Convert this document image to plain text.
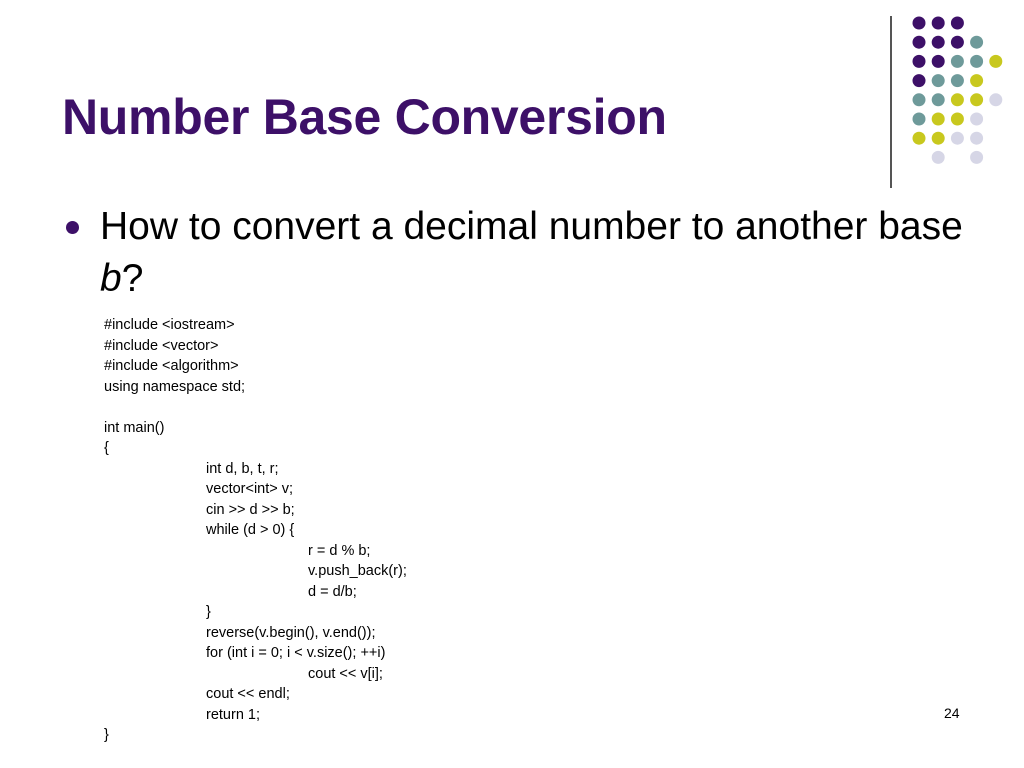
Number Base Conversion
How to convert a decimal number to another base b?
#include <iostream>
#include <vector>
#include <algorithm>
using namespace std;
int main()
{
int d, b, t, r;
vector<int> v;
cin >> d >> b;
while (d > 0) {
r = d % b;
v.push_back(r);
d = d/b;
}
reverse(v.begin(), v.end());
for (int i = 0; i < v.size(); ++i)
cout << v[i];
cout << endl;
return 1;
}
24
